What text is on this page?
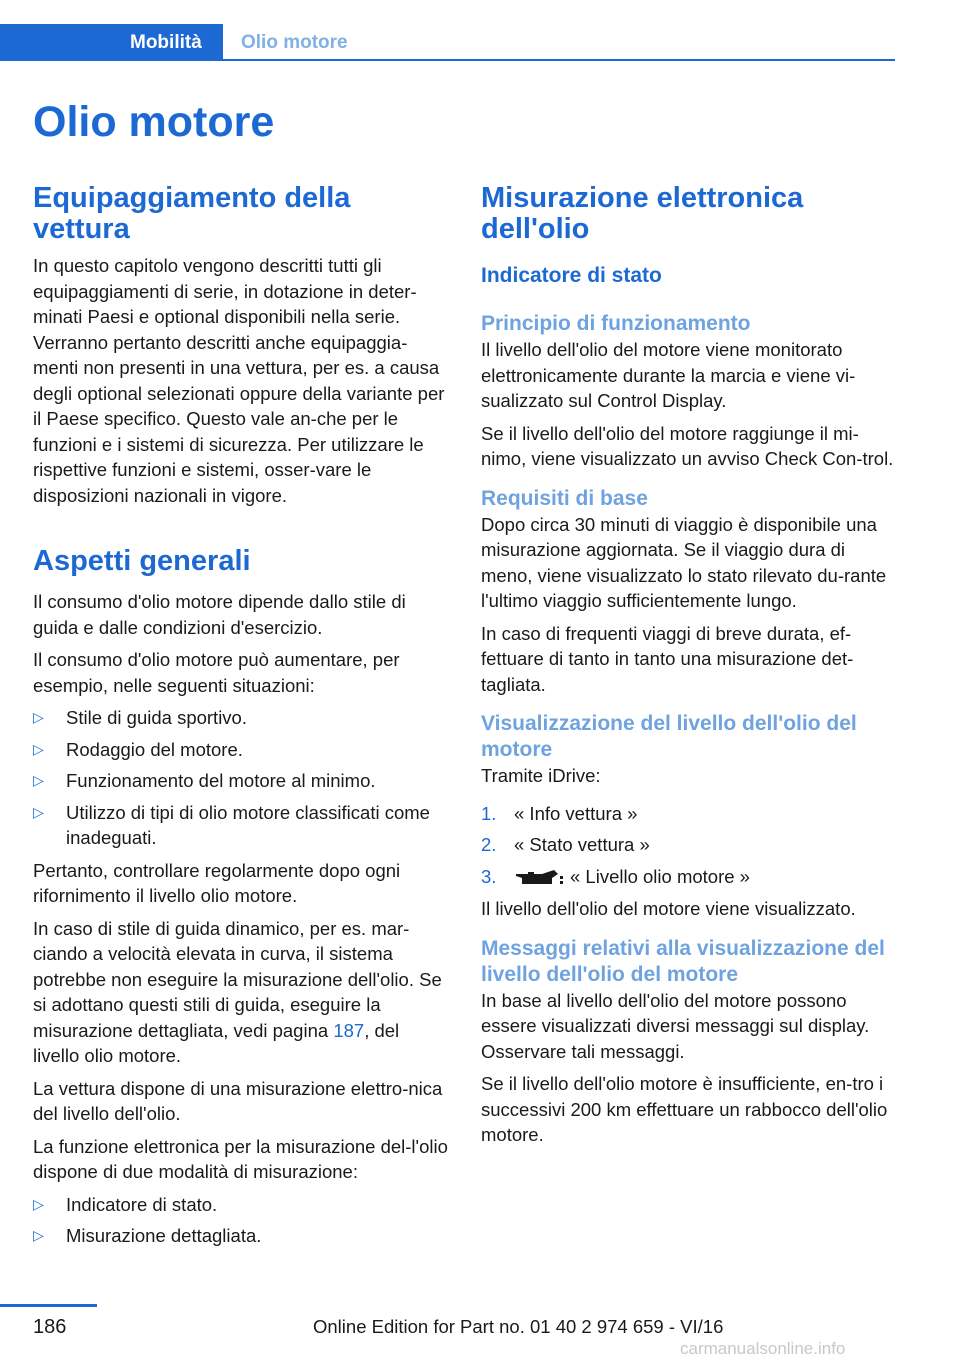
Mobilità Olio motore
Olio motore
Equipaggiamento della vettura

In questo capitolo vengono descritti tutti gli equipaggiamenti di serie, in dotazione in deter‐minati Paesi e optional disponibili nella serie. Verranno pertanto descritti anche equipaggia‐menti non presenti in una vettura, per es. a causa degli optional selezionati oppure della variante per il Paese specifico. Questo vale an‐che per le funzioni e i sistemi di sicurezza. Per utilizzare le rispettive funzioni e sistemi, osser‐vare le disposizioni nazionali in vigore.

Aspetti generali

Il consumo d'olio motore dipende dallo stile di guida e dalle condizioni d'esercizio.

Il consumo d'olio motore può aumentare, per esempio, nelle seguenti situazioni:

▷ Stile di guida sportivo.
▷ Rodaggio del motore.
▷ Funzionamento del motore al minimo.
▷ Utilizzo di tipi di olio motore classificati come inadeguati.

Pertanto, controllare regolarmente dopo ogni rifornimento il livello olio motore.

In caso di stile di guida dinamico, per es. mar‐ciando a velocità elevata in curva, il sistema potrebbe non eseguire la misurazione dell'olio. Se si adottano questi stili di guida, eseguire la misurazione dettagliata, vedi pagina 187, del livello olio motore.

La vettura dispone di una misurazione elettro‐nica del livello dell'olio.

La funzione elettronica per la misurazione del‐l'olio dispone di due modalità di misurazione:

▷ Indicatore di stato.
▷ Misurazione dettagliata.
Misurazione elettronica dell'olio
Indicatore di stato
Principio di funzionamento

Il livello dell'olio del motore viene monitorato elettronicamente durante la marcia e viene vi‐sualizzato sul Control Display.

Se il livello dell'olio del motore raggiunge il mi‐nimo, viene visualizzato un avviso Check Con‐trol.

Requisiti di base

Dopo circa 30 minuti di viaggio è disponibile una misurazione aggiornata. Se il viaggio dura di meno, viene visualizzato lo stato rilevato du‐rante l'ultimo viaggio sufficientemente lungo.

In caso di frequenti viaggi di breve durata, ef‐fettuare di tanto in tanto una misurazione det‐tagliata.

Visualizzazione del livello dell'olio del motore

Tramite iDrive:

1. « Info vettura »
2. « Stato vettura »
3.	« Livello olio motore »

Il livello dell'olio del motore viene visualizzato.

Messaggi relativi alla visualizzazione del livello dell'olio del motore

In base al livello dell'olio del motore possono essere visualizzati diversi messaggi sul display. Osservare tali messaggi.

Se il livello dell'olio motore è insufficiente, en‐tro i successivi 200 km effettuare un rabbocco dell'olio motore.

186	Online Edition for Part no. 01 40 2 974 659 - VI/16
carmanualsonline.info
